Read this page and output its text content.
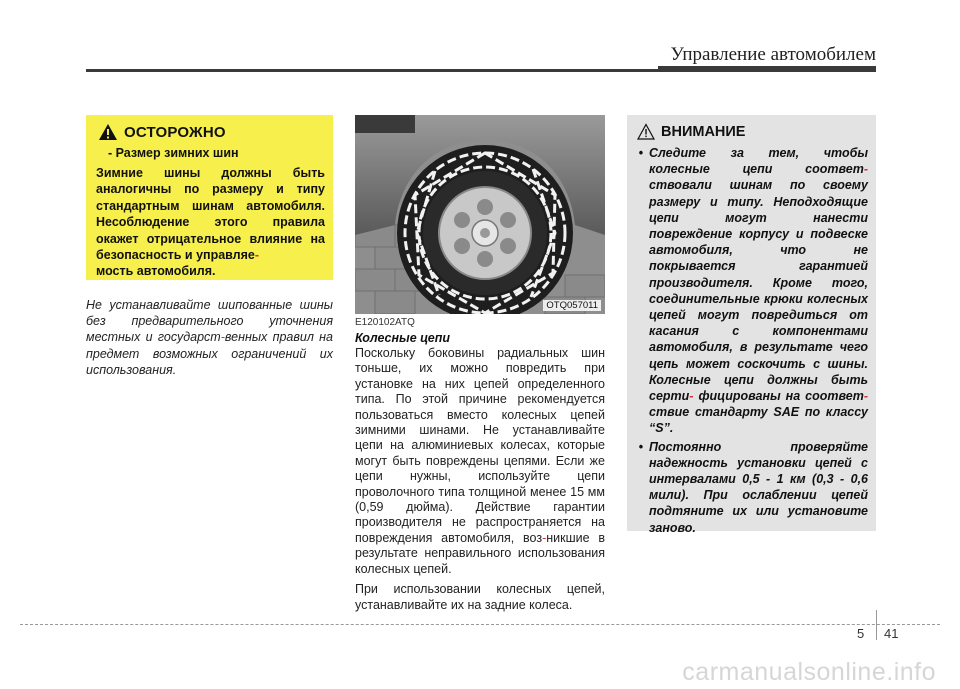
Управление автомобилем
ОСТОРОЖНО
- Размер зимних шин
Зимние шины должны быть аналогичны по размеру и типу стандартным шинам автомобиля. Несоблюдение этого правила окажет отрицательное влияние на безопасность и управляе-
мость автомобиля.
Не устанавливайте шипованные шины без предварительного уточнения местных и государст-венных правил на предмет возможных ограничений их использования.
OTQ057011
E120102ATQ
Колесные цепи

Поскольку боковины радиальных шин тоньше, их можно повредить при установке на них цепей определенного типа. По этой причине рекомендуется пользоваться вместо колесных цепей зимними шинами. Не устанавливайте цепи на алюминиевых колесах, которые могут быть повреждены цепями. Если же цепи нужны, используйте цепи проволочного типа толщиной менее 15 мм (0,59 дюйма). Действие гарантии производителя не распространяется на повреждения автомобиля, воз-никшие в результате неправильного использования колесных цепей.

При использовании колесных цепей, устанавливайте их на задние колеса.

ВНИМАНИЕ
• Следите за тем, чтобы колесные цепи соответ- ствовали шинам по своему размеру и типу. Неподходящие цепи могут нанести повреждение корпусу и подвеске автомобиля, что не покрывается гарантией производителя. Кроме того, соединительные крюки колесных цепей могут повредиться от касания с компонентами автомобиля, в результате чего цепь может соскочить с шины. Колесные цепи должны быть серти- фицированы на соответ- ствие стандарту SAE по классу “S”.
• Постоянно проверяйте надежность установки цепей с интервалами 0,5 - 1 км (0,3 - 0,6 мили). При ослаблении цепей подтяните их или установите заново.
5 41
carmanualsonline.info
